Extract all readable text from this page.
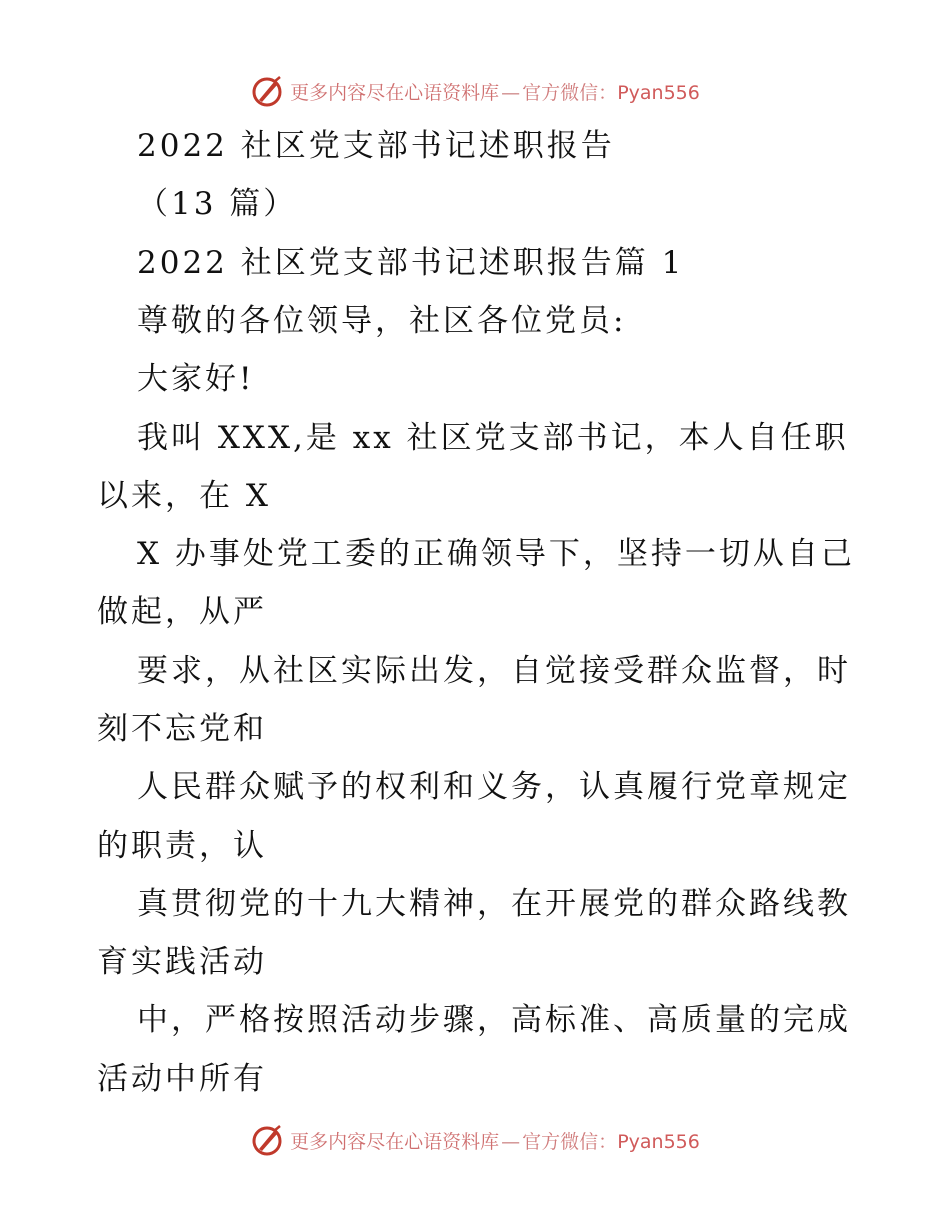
更多内容尽在心语资料库 — 官方微信：Pyan556
2022 社区党支部书记述职报告
（13 篇）
2022 社区党支部书记述职报告篇 1
尊敬的各位领导，社区各位党员:
大家好!
我叫 XXX,是 xx 社区党支部书记，本人自任职
以来，在 X
X 办事处党工委的正确领导下，坚持一切从自己
做起，从严
要求，从社区实际出发，自觉接受群众监督，时
刻不忘党和
人民群众赋予的权利和义务，认真履行党章规定
的职责，认
真贯彻党的十九大精神，在开展党的群众路线教
育实践活动
中，严格按照活动步骤，高标准、高质量的完成
活动中所有
更多内容尽在心语资料库 — 官方微信：Pyan556
